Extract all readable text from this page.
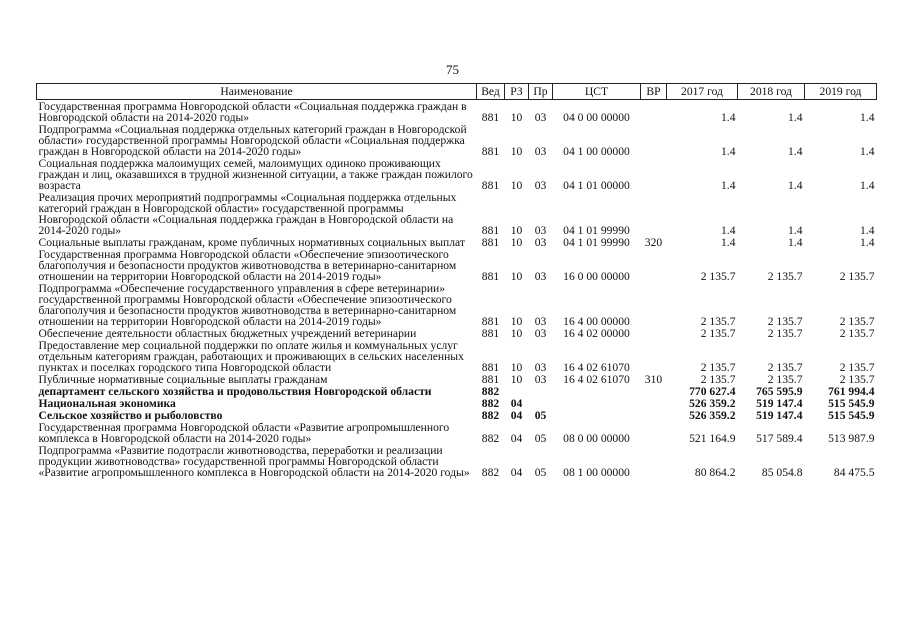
75
Наименование	Вед	РЗ	Пр	ЦСТ	ВР	2017 год	2018 год	2019 год
Государственная программа Новгородской области «Социальная поддержка граждан в Новгородской области на 2014-2020 годы»	881	10	03	04 0 00 00000		1.4	1.4	1.4
Подпрограмма «Социальная поддержка отдельных категорий граждан в Новгородской области» государственной программы Новгородской области «Социальная поддержка граждан в Новгородской области на 2014-2020 годы»	881	10	03	04 1 00 00000		1.4	1.4	1.4
Социальная поддержка малоимущих семей, малоимущих одиноко проживающих граждан и лиц, оказавшихся в трудной жизненной ситуации, а также граждан пожилого возраста	881	10	03	04 1 01 00000		1.4	1.4	1.4
Реализация прочих мероприятий подпрограммы «Социальная поддержка отдельных категорий граждан в Новгородской области» государственной программы Новгородской области «Социальная поддержка граждан в Новгородской области на 2014-2020 годы»	881	10	03	04 1 01 99990		1.4	1.4	1.4
Социальные выплаты гражданам, кроме публичных нормативных социальных выплат	881	10	03	04 1 01 99990	320	1.4	1.4	1.4
Государственная программа Новгородской области «Обеспечение эпизоотического благополучия и безопасности продуктов животноводства в ветеринарно-санитарном отношении на территории Новгородской области на 2014-2019 годы»	881	10	03	16 0 00 00000		2 135.7	2 135.7	2 135.7
Подпрограмма «Обеспечение государственного управления в сфере ветеринарии» государственной программы Новгородской области «Обеспечение эпизоотического благополучия и безопасности продуктов животноводства в ветеринарно-санитарном отношении на территории Новгородской области на 2014-2019 годы»	881	10	03	16 4 00 00000		2 135.7	2 135.7	2 135.7
Обеспечение деятельности областных бюджетных учреждений ветеринарии	881	10	03	16 4 02 00000		2 135.7	2 135.7	2 135.7
Предоставление мер социальной поддержки по оплате жилья и коммунальных услуг отдельным категориям граждан, работающих и проживающих в сельских населенных пунктах и поселках городского типа Новгородской области	881	10	03	16 4 02 61070		2 135.7	2 135.7	2 135.7
Публичные нормативные социальные выплаты гражданам	881	10	03	16 4 02 61070	310	2 135.7	2 135.7	2 135.7
департамент сельского хозяйства и продовольствия Новгородской области	882					770 627.4	765 595.9	761 994.4
Национальная экономика	882	04				526 359.2	519 147.4	515 545.9
Сельское хозяйство и рыболовство	882	04	05			526 359.2	519 147.4	515 545.9
Государственная программа Новгородской области «Развитие агропромышленного комплекса в Новгородской области на 2014-2020 годы»	882	04	05	08 0 00 00000		521 164.9	517 589.4	513 987.9
Подпрограмма «Развитие подотрасли животноводства, переработки и реализации продукции животноводства» государственной программы Новгородской области «Развитие агропромышленного комплекса в Новгородской области на 2014-2020 годы»	882	04	05	08 1 00 00000		80 864.2	85 054.8	84 475.5
